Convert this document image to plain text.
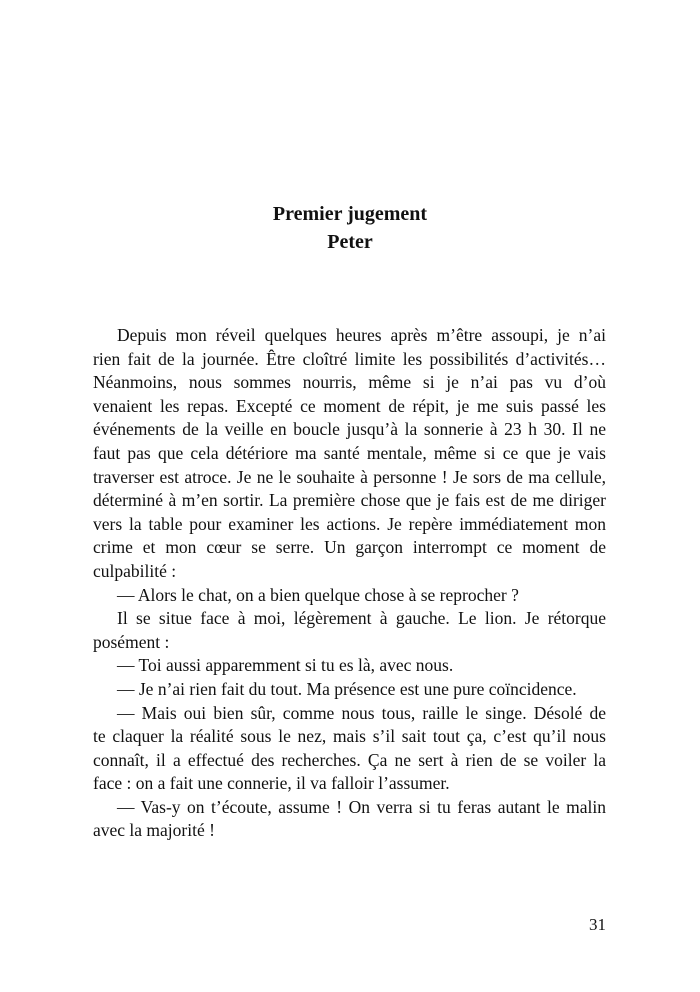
Premier jugement
Peter
Depuis mon réveil quelques heures après m’être assoupi, je n’ai
rien fait de la journée. Être cloîtré limite les possibilités d’activités…
Néanmoins, nous sommes nourris, même si je n’ai pas vu d’où
venaient les repas. Excepté ce moment de répit, je me suis passé les
événements de la veille en boucle jusqu’à la sonnerie à 23 h 30. Il ne
faut pas que cela détériore ma santé mentale, même si ce que je vais
traverser est atroce. Je ne le souhaite à personne ! Je sors de ma cellule,
déterminé à m’en sortir. La première chose que je fais est de me diriger
vers la table pour examiner les actions. Je repère immédiatement mon
crime et mon cœur se serre. Un garçon interrompt ce moment de
culpabilité :
— Alors le chat, on a bien quelque chose à se reprocher ?
Il se situe face à moi, légèrement à gauche. Le lion. Je rétorque
posément :
— Toi aussi apparemment si tu es là, avec nous.
— Je n’ai rien fait du tout. Ma présence est une pure coïncidence.
— Mais oui bien sûr, comme nous tous, raille le singe. Désolé de
te claquer la réalité sous le nez, mais s’il sait tout ça, c’est qu’il nous
connaît, il a effectué des recherches. Ça ne sert à rien de se voiler la
face : on a fait une connerie, il va falloir l’assumer.
— Vas-y on t’écoute, assume ! On verra si tu feras autant le malin
avec la majorité !
31
